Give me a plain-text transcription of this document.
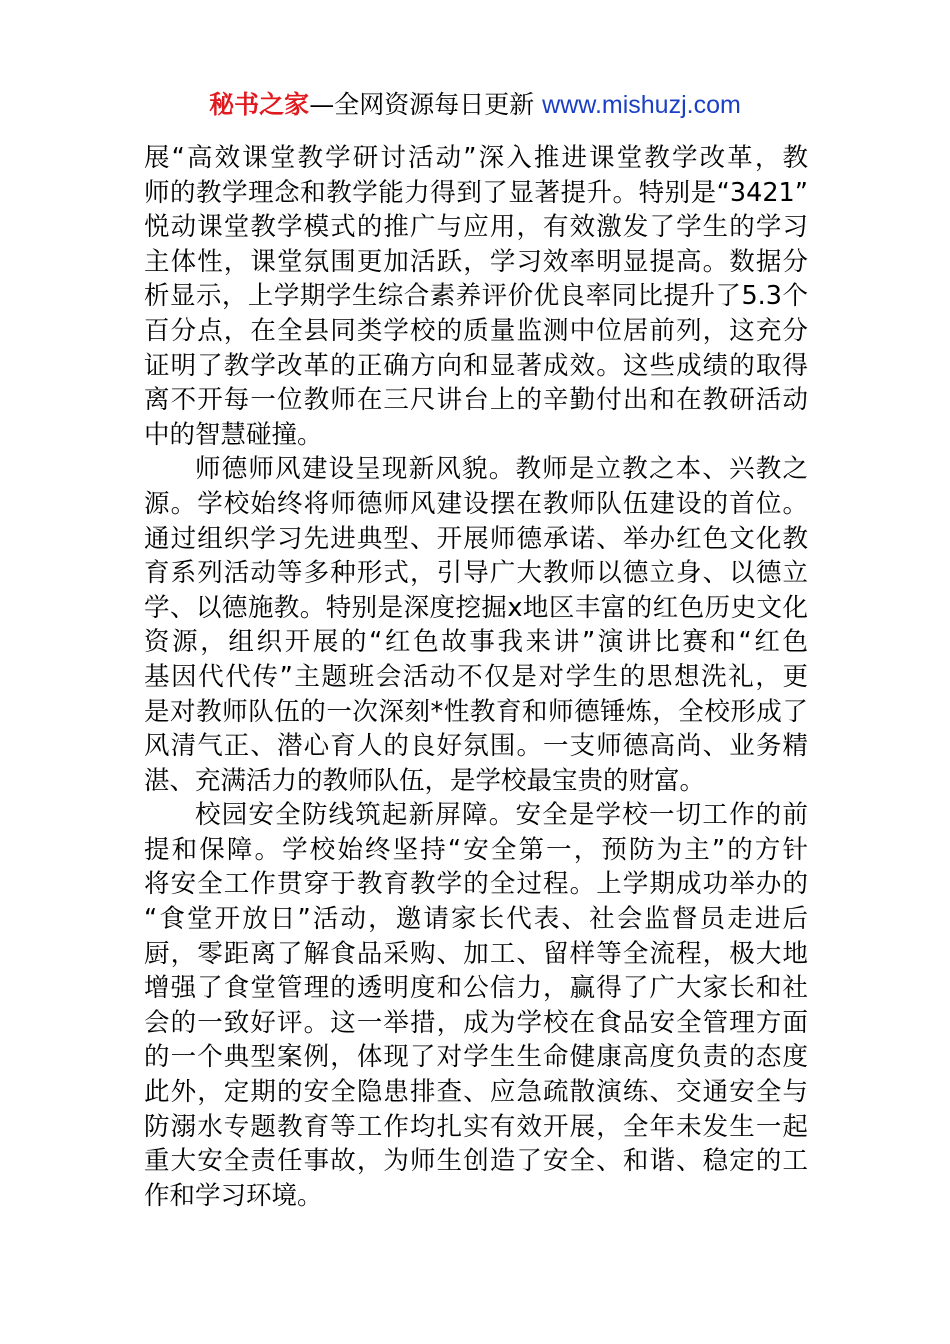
秘书之家—全网资源每日更新 www.mishuzj.com
展“高效课堂教学研讨活动”深入推进课堂教学改革，教
师的教学理念和教学能力得到了显著提升。特别是“3421”
悦动课堂教学模式的推广与应用，有效激发了学生的学习
主体性，课堂氛围更加活跃，学习效率明显提高。数据分
析显示，上学期学生综合素养评价优良率同比提升了5.3个
百分点，在全县同类学校的质量监测中位居前列，这充分
证明了教学改革的正确方向和显著成效。这些成绩的取得
离不开每一位教师在三尺讲台上的辛勤付出和在教研活动
中的智慧碰撞。
师德师风建设呈现新风貌。教师是立教之本、兴教之
源。学校始终将师德师风建设摆在教师队伍建设的首位。
通过组织学习先进典型、开展师德承诺、举办红色文化教
育系列活动等多种形式，引导广大教师以德立身、以德立
学、以德施教。特别是深度挖掘x地区丰富的红色历史文化
资源，组织开展的“红色故事我来讲”演讲比赛和“红色
基因代代传”主题班会活动不仅是对学生的思想洗礼，更
是对教师队伍的一次深刻*性教育和师德锤炼，全校形成了
风清气正、潜心育人的良好氛围。一支师德高尚、业务精
湛、充满活力的教师队伍，是学校最宝贵的财富。
校园安全防线筑起新屏障。安全是学校一切工作的前
提和保障。学校始终坚持“安全第一，预防为主”的方针
将安全工作贯穿于教育教学的全过程。上学期成功举办的
“食堂开放日”活动，邀请家长代表、社会监督员走进后
厨，零距离了解食品采购、加工、留样等全流程，极大地
增强了食堂管理的透明度和公信力，赢得了广大家长和社
会的一致好评。这一举措，成为学校在食品安全管理方面
的一个典型案例，体现了对学生生命健康高度负责的态度
此外，定期的安全隐患排查、应急疏散演练、交通安全与
防溺水专题教育等工作均扎实有效开展，全年未发生一起
重大安全责任事故，为师生创造了安全、和谐、稳定的工
作和学习环境。
